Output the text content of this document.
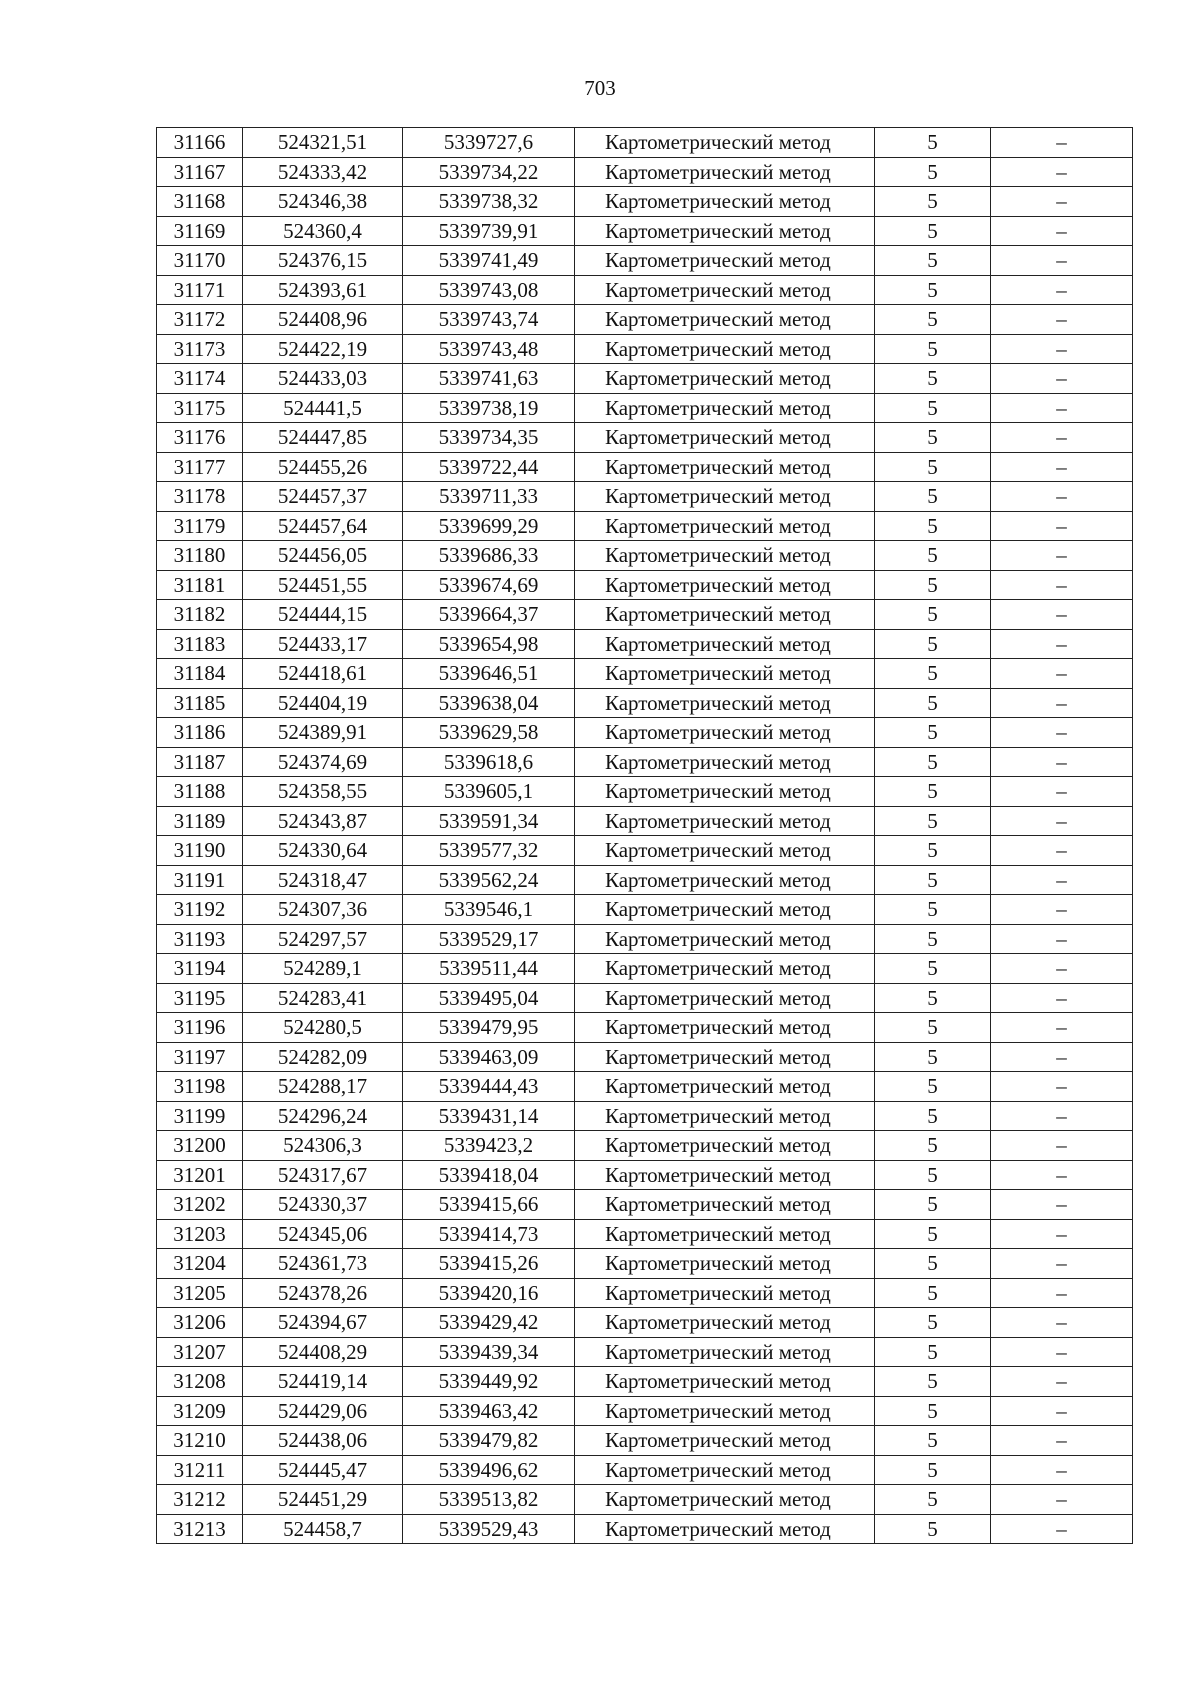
703
31166	524321,51	5339727,6	Картометрический метод	5	–
31167	524333,42	5339734,22	Картометрический метод	5	–
31168	524346,38	5339738,32	Картометрический метод	5	–
31169	524360,4	5339739,91	Картометрический метод	5	–
31170	524376,15	5339741,49	Картометрический метод	5	–
31171	524393,61	5339743,08	Картометрический метод	5	–
31172	524408,96	5339743,74	Картометрический метод	5	–
31173	524422,19	5339743,48	Картометрический метод	5	–
31174	524433,03	5339741,63	Картометрический метод	5	–
31175	524441,5	5339738,19	Картометрический метод	5	–
31176	524447,85	5339734,35	Картометрический метод	5	–
31177	524455,26	5339722,44	Картометрический метод	5	–
31178	524457,37	5339711,33	Картометрический метод	5	–
31179	524457,64	5339699,29	Картометрический метод	5	–
31180	524456,05	5339686,33	Картометрический метод	5	–
31181	524451,55	5339674,69	Картометрический метод	5	–
31182	524444,15	5339664,37	Картометрический метод	5	–
31183	524433,17	5339654,98	Картометрический метод	5	–
31184	524418,61	5339646,51	Картометрический метод	5	–
31185	524404,19	5339638,04	Картометрический метод	5	–
31186	524389,91	5339629,58	Картометрический метод	5	–
31187	524374,69	5339618,6	Картометрический метод	5	–
31188	524358,55	5339605,1	Картометрический метод	5	–
31189	524343,87	5339591,34	Картометрический метод	5	–
31190	524330,64	5339577,32	Картометрический метод	5	–
31191	524318,47	5339562,24	Картометрический метод	5	–
31192	524307,36	5339546,1	Картометрический метод	5	–
31193	524297,57	5339529,17	Картометрический метод	5	–
31194	524289,1	5339511,44	Картометрический метод	5	–
31195	524283,41	5339495,04	Картометрический метод	5	–
31196	524280,5	5339479,95	Картометрический метод	5	–
31197	524282,09	5339463,09	Картометрический метод	5	–
31198	524288,17	5339444,43	Картометрический метод	5	–
31199	524296,24	5339431,14	Картометрический метод	5	–
31200	524306,3	5339423,2	Картометрический метод	5	–
31201	524317,67	5339418,04	Картометрический метод	5	–
31202	524330,37	5339415,66	Картометрический метод	5	–
31203	524345,06	5339414,73	Картометрический метод	5	–
31204	524361,73	5339415,26	Картометрический метод	5	–
31205	524378,26	5339420,16	Картометрический метод	5	–
31206	524394,67	5339429,42	Картометрический метод	5	–
31207	524408,29	5339439,34	Картометрический метод	5	–
31208	524419,14	5339449,92	Картометрический метод	5	–
31209	524429,06	5339463,42	Картометрический метод	5	–
31210	524438,06	5339479,82	Картометрический метод	5	–
31211	524445,47	5339496,62	Картометрический метод	5	–
31212	524451,29	5339513,82	Картометрический метод	5	–
31213	524458,7	5339529,43	Картометрический метод	5	–
